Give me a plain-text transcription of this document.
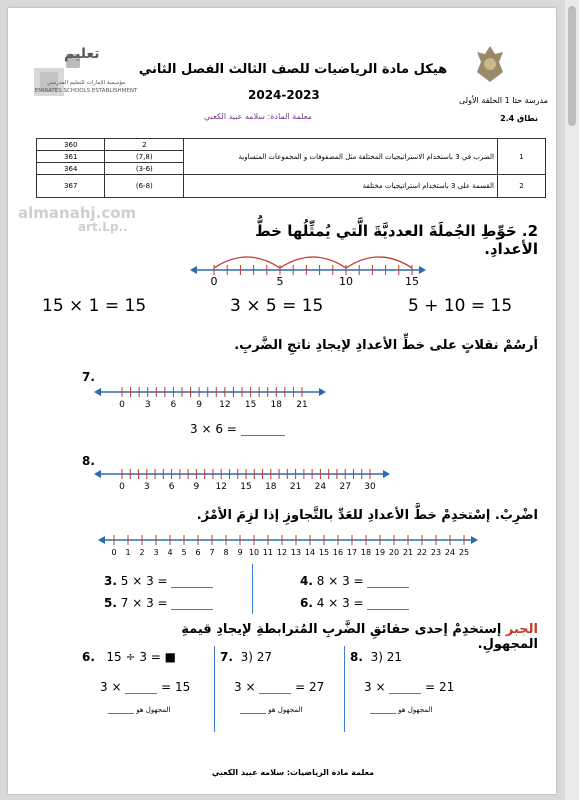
تعليم
مؤسسة الإمارات للتعليم المدرسي
EMIRATES SCHOOLS ESTABLISHMENT
هيكل مادة الرياضيات للصف الثالث الفصل الثاني
2024-2023	مدرسة حتا 1 الحلقة الأولى
نطاق 2.4
معلمة المادة: سلامه عبيد الكعبي
360	2	الضرب في 3 باستخدام الاستراتيجيات المختلفة مثل المصفوفات و المجموعات المتساوية	1
361	(7,8)		
364	(3-6)		
367	(6-8)	القسمة على 3 باستخدام استراتيجيات مختلفة	2
almanahj.com
art.Lp..	2. حَوِّطِ الجُملَةَ العدديَّةَ الَّتي يُمثِّلُها خطُّ الأعدادِ.
0	5	10	15
15 × 1 = 15	3 × 5 = 15	5 + 10 = 15
أرسُمْ نقلاتٍ على خطِّ الأعدادِ لإيجادِ ناتجِ الضَّربِ.
7.
0 3 6 9 12 15 18 21
3 × 6 =
8.
0 3 6 9 12 15 18 21 24 27 30
اضْرِبْ. إسْتخدِمْ خطَّ الأعدادِ للعَدِّ بالتَّجاوزِ إذا لزِمَ الأمْرُ.
0 1 2 3 4 5 6 7 8 9 10 11 12 13 14 15 16 17 18 19 20 21 22 23 24 25
3. 5 × 3 =	4. 8 × 3 =
5. 7 × 3 =	6. 4 × 3 =
الجبر إستخدِمْ إحدى حقائقِ الضَّربِ المُترابطةِ لإيجادِ قيمةِ المجهولِ.
6. 15 ÷ 3 = ■
3 ×	= 15
المجهول هو
7. 3) 27
3 ×	= 27
المجهول هو
8. 3) 21
3 ×	= 21
المجهول هو
معلمة مادة الرياضيات: سلامه عبيد الكعبي
